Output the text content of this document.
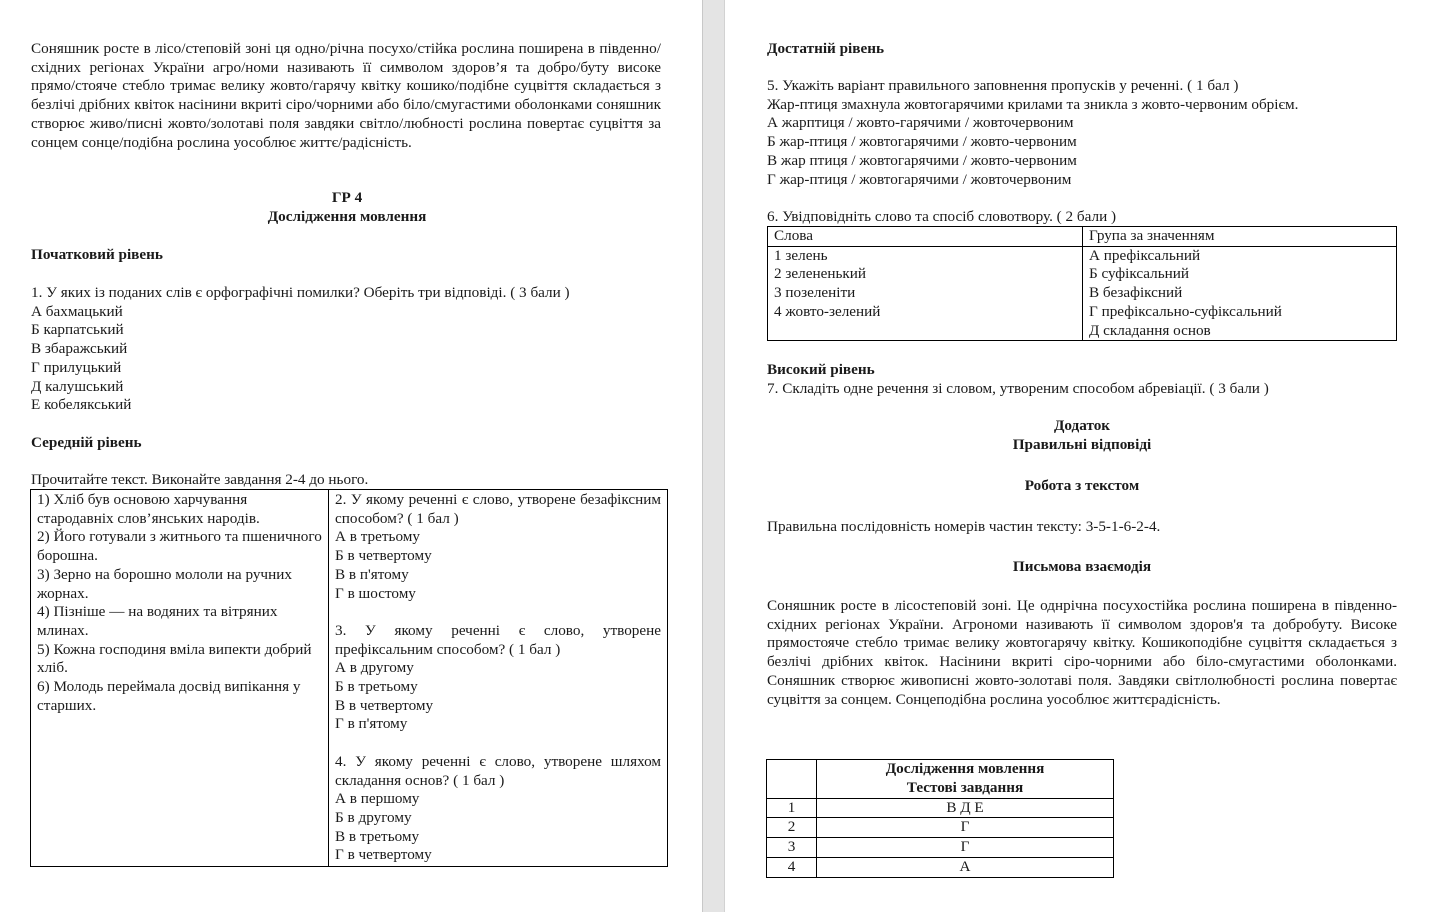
Соняшник росте в лісо/степовій зоні ця одно/річна посухо/стійка рослина поширена в південно/східних регіонах України агро/номи називають її символом здоров’я та добро/буту високе прямо/стояче стебло тримає велику жовто/гарячу квітку кошико/подібне суцвіття складається з безлічі дрібних квіток насінини вкриті сіро/чорними або біло/смугастими оболонками соняшник створює живо/писні жовто/золотаві поля завдяки світло/любності рослина повертає суцвіття за сонцем сонце/подібна рослина уособлює життє/радісність.
ГР 4
Дослідження мовлення
Початковий рівень
1. У яких із поданих слів є орфографічні помилки? Оберіть три відповіді. ( 3 бали )
А бахмацький
Б карпатський
В збаражський
Г прилуцький
Д калушський
Е кобелякський
Середній рівень
Прочитайте текст. Виконайте завдання 2-4 до нього.

1) Хліб був основою харчування стародавніх слов’янських народів.

2) Його готували з житнього та пшеничного борошна.

3) Зерно на борошно мололи на ручних жорнах.

4) Пізніше — на водяних та вітряних млинах.

5) Кожна господиня вміла випекти добрий хліб.

6) Молодь переймала досвід випікання у старших.

2. У якому реченні є слово, утворене безафіксним способом? ( 1 бал )

А в третьому

Б в четвертому

В в п'ятому

Г в шостому

3. У якому реченні є слово, утворене префіксальним способом? ( 1 бал )

А в другому

Б в третьому

В в четвертому

Г в п'ятому

4. У якому реченні є слово, утворене шляхом складання основ? ( 1 бал )

А в першому

Б в другому

В в третьому

Г в четвертому

Достатній рівень
5. Укажіть варіант правильного заповнення пропусків у реченні. ( 1 бал )
Жар-птиця змахнула жовтогарячими крилами та зникла з жовто-червоним обрієм.
А жарптиця / жовто-гарячими / жовточервоним
Б жар-птиця / жовтогарячими / жовто-червоним
В жар птиця / жовтогарячими / жовто-червоним
Г жар-птиця / жовтогарячими / жовточервоним
6. Увідповідніть слово та спосіб словотвору. ( 2 бали )
Слова	Група за значенням

1 зелень

2 зелененький

3 позеленіти

4 жовто-зелений

А префіксальний

Б суфіксальний

В безафіксний

Г префіксально-суфіксальний

Д складання основ

Високий рівень
7. Складіть одне речення зі словом, утвореним способом абревіації. ( 3 бали )
Додаток
Правильні відповіді
Робота з текстом
Правильна послідовність номерів частин тексту: 3-5-1-6-2-4.
Письмова взаємодія
Соняшник росте в лісостеповій зоні. Це однрічна посухостійка рослина поширена в південно-східних регіонах України. Агрономи називають її символом здоров'я та добробуту. Високе прямостояче стебло тримає велику жовтогарячу квітку. Кошикоподібне суцвіття складається з безлічі дрібних квіток. Насінини вкриті сіро-чорними або біло-смугастими оболонками. Соняшник створює живописні жовто-золотаві поля. Завдяки світлолюбності рослина повертає суцвіття за сонцем. Сонцеподібна рослина уособлює життєрадісність.

	Дослідження мовлення

Тестові завдання

1	В Д Е
2	Г
3	Г
4	А
